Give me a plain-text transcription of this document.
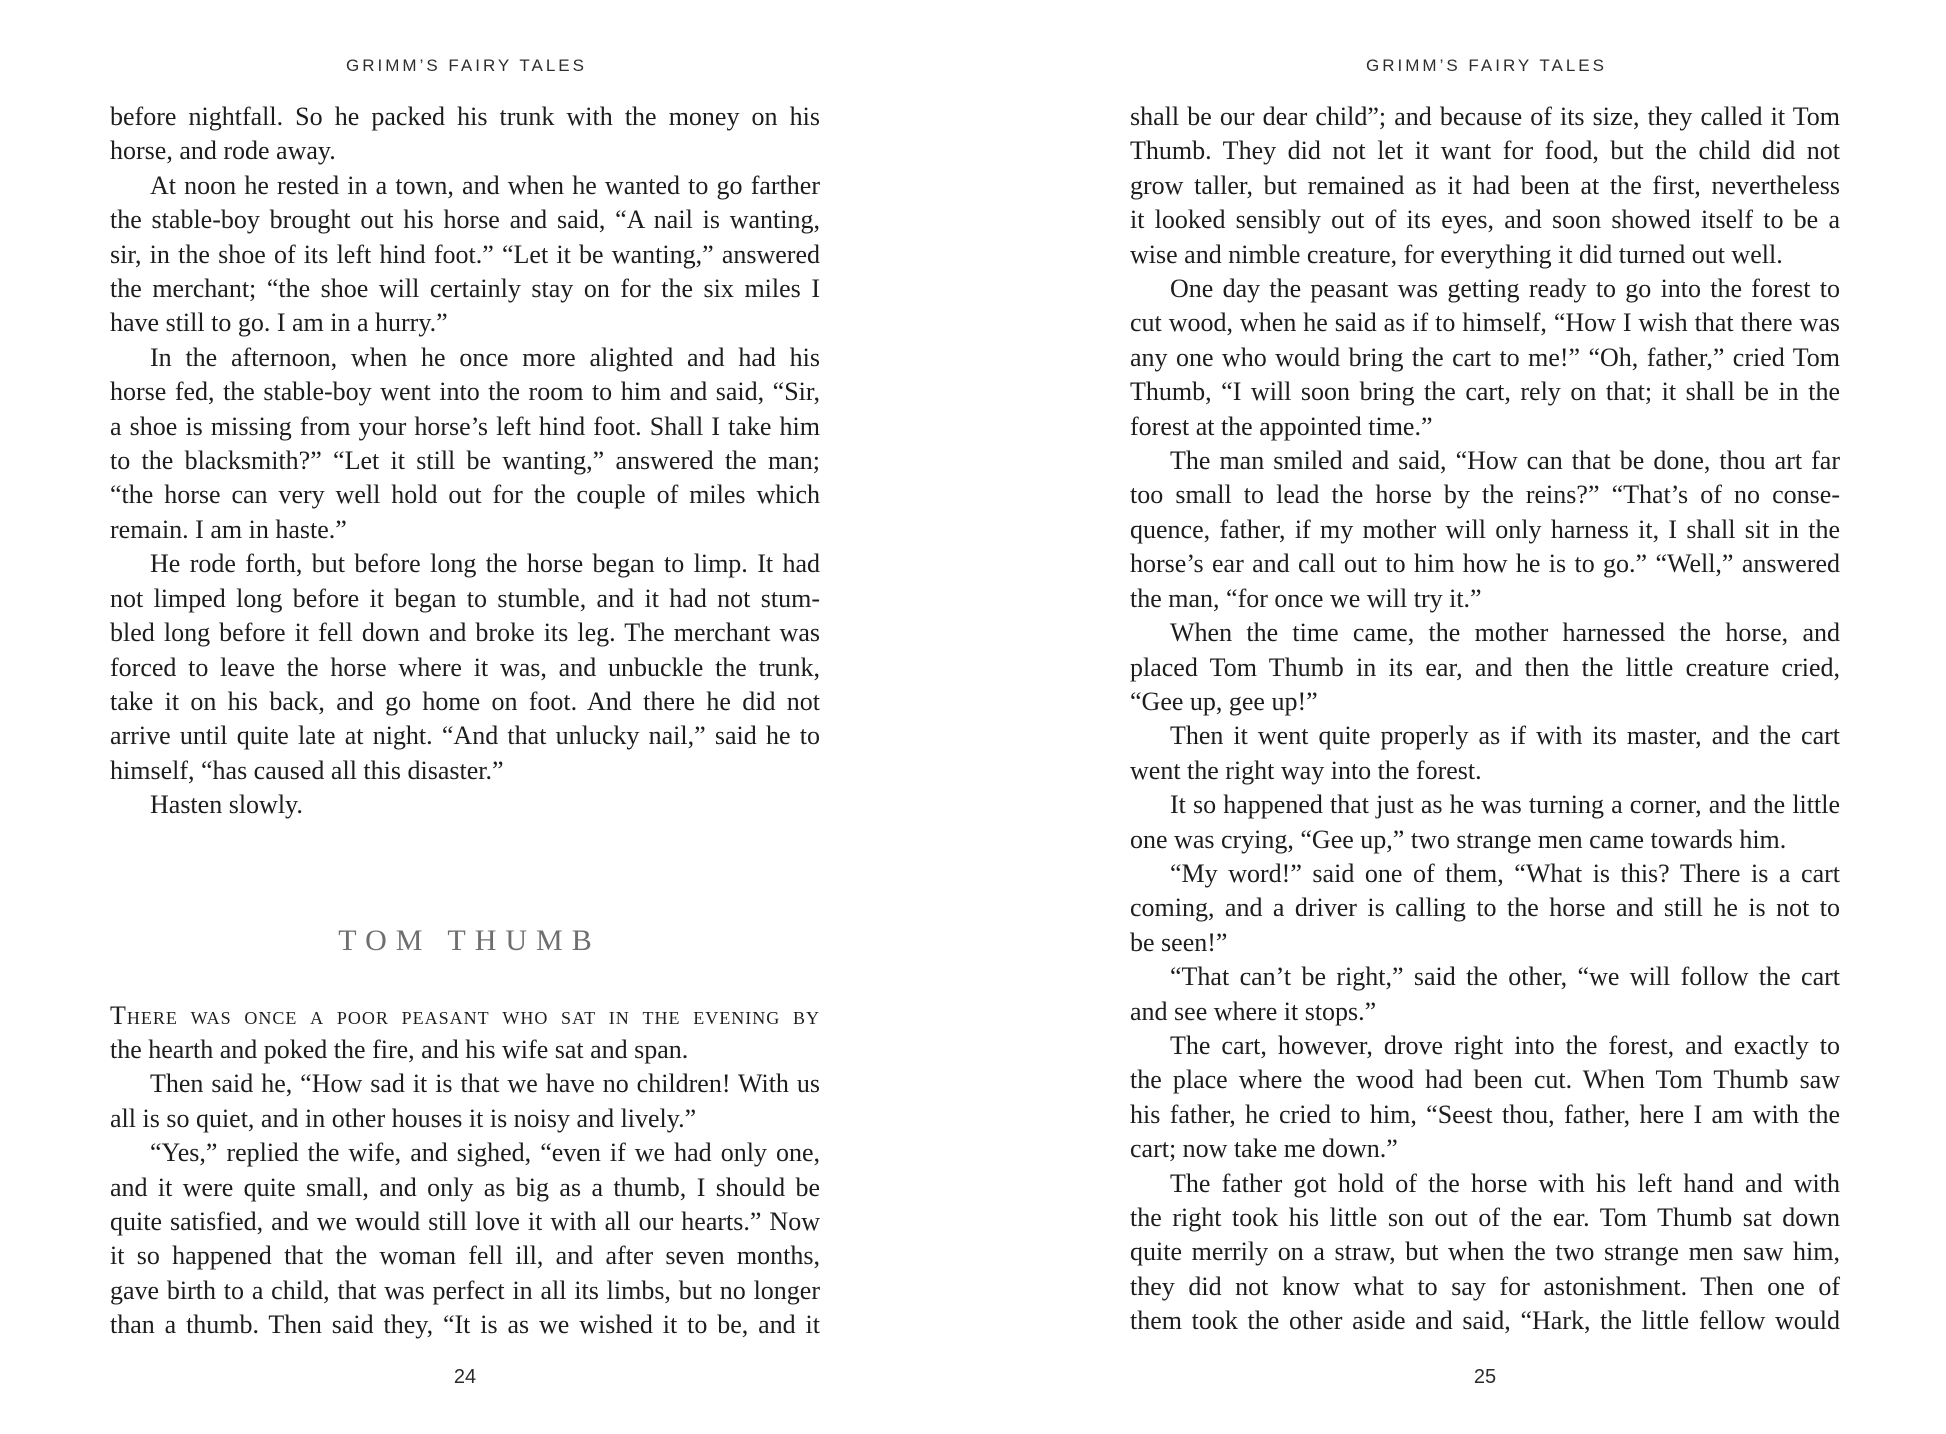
GRIMM’S FAIRY TALES

before nightfall. So he packed his trunk with the money on his
horse, and rode away.

At noon he rested in a town, and when he wanted to go farther
the stable-boy brought out his horse and said, “A nail is wanting,
sir, in the shoe of its left hind foot.” “Let it be wanting,” answered
the merchant; “the shoe will certainly stay on for the six miles I
have still to go. I am in a hurry.”

In the afternoon, when he once more alighted and had his
horse fed, the stable-boy went into the room to him and said, “Sir,
a shoe is missing from your horse’s left hind foot. Shall I take him
to the blacksmith?” “Let it still be wanting,” answered the man;
“the horse can very well hold out for the couple of miles which
remain. I am in haste.”

He rode forth, but before long the horse began to limp. It had
not limped long before it began to stumble, and it had not stum-
bled long before it fell down and broke its leg. The merchant was
forced to leave the horse where it was, and unbuckle the trunk,
take it on his back, and go home on foot. And there he did not
arrive until quite late at night. “And that unlucky nail,” said he to
himself, “has caused all this disaster.”

Hasten slowly.

TOM THUMB

There was once a poor peasant who sat in the evening by
the hearth and poked the fire, and his wife sat and span.

Then said he, “How sad it is that we have no children! With us
all is so quiet, and in other houses it is noisy and lively.”

“Yes,” replied the wife, and sighed, “even if we had only one,
and it were quite small, and only as big as a thumb, I should be
quite satisfied, and we would still love it with all our hearts.” Now
it so happened that the woman fell ill, and after seven months,
gave birth to a child, that was perfect in all its limbs, but no longer
than a thumb. Then said they, “It is as we wished it to be, and it

24
GRIMM’S FAIRY TALES

shall be our dear child”; and because of its size, they called it Tom
Thumb. They did not let it want for food, but the child did not
grow taller, but remained as it had been at the first, nevertheless
it looked sensibly out of its eyes, and soon showed itself to be a
wise and nimble creature, for everything it did turned out well.

One day the peasant was getting ready to go into the forest to
cut wood, when he said as if to himself, “How I wish that there was
any one who would bring the cart to me!” “Oh, father,” cried Tom
Thumb, “I will soon bring the cart, rely on that; it shall be in the
forest at the appointed time.”

The man smiled and said, “How can that be done, thou art far
too small to lead the horse by the reins?” “That’s of no conse-
quence, father, if my mother will only harness it, I shall sit in the
horse’s ear and call out to him how he is to go.” “Well,” answered
the man, “for once we will try it.”

When the time came, the mother harnessed the horse, and
placed Tom Thumb in its ear, and then the little creature cried,
“Gee up, gee up!”

Then it went quite properly as if with its master, and the cart
went the right way into the forest.

It so happened that just as he was turning a corner, and the little
one was crying, “Gee up,” two strange men came towards him.

“My word!” said one of them, “What is this? There is a cart
coming, and a driver is calling to the horse and still he is not to
be seen!”

“That can’t be right,” said the other, “we will follow the cart
and see where it stops.”

The cart, however, drove right into the forest, and exactly to
the place where the wood had been cut. When Tom Thumb saw
his father, he cried to him, “Seest thou, father, here I am with the
cart; now take me down.”

The father got hold of the horse with his left hand and with
the right took his little son out of the ear. Tom Thumb sat down
quite merrily on a straw, but when the two strange men saw him,
they did not know what to say for astonishment. Then one of
them took the other aside and said, “Hark, the little fellow would

25
